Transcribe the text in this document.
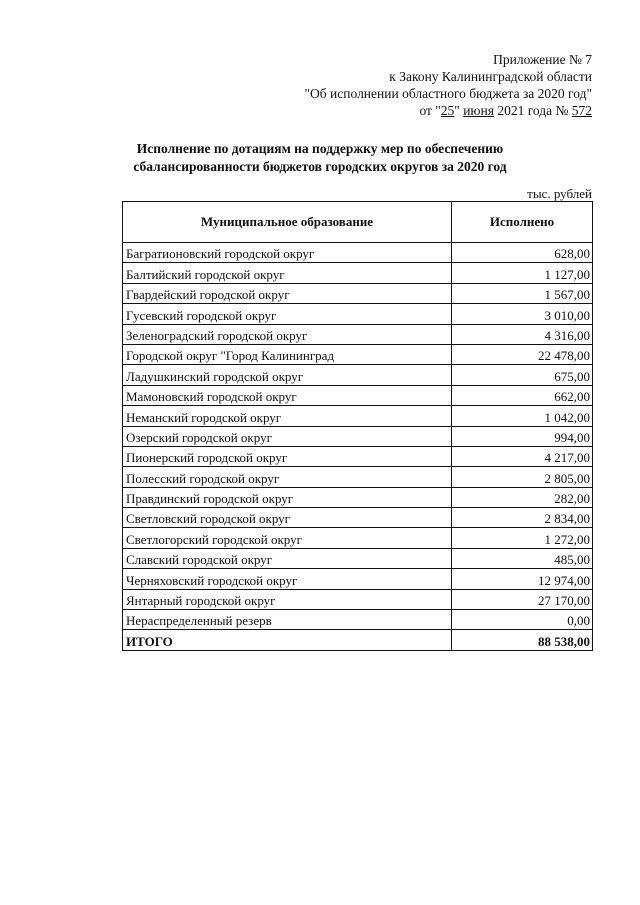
Приложение № 7
к Закону Калининградской области
"Об исполнении областного бюджета за 2020 год"
от "25" июня 2021 года № 572
Исполнение по дотациям на поддержку мер по обеспечению
сбалансированности бюджетов городских округов за 2020 год
тыс. рублей
Муниципальное образование	Исполнено
Багратионовский городской округ	628,00
Балтийский городской округ	1 127,00
Гвардейский городской округ	1 567,00
Гусевский городской округ	3 010,00
Зеленоградский городской округ	4 316,00
Городской округ "Город Калининград	22 478,00
Ладушкинский городской округ	675,00
Мамоновский городской округ	662,00
Неманский городской округ	1 042,00
Озерский городской округ	994,00
Пионерский городской округ	4 217,00
Полесский городской округ	2 805,00
Правдинский городской округ	282,00
Светловский городской округ	2 834,00
Светлогорский городской округ	1 272,00
Славский городской округ	485,00
Черняховский городской округ	12 974,00
Янтарный городской округ	27 170,00
Нераспределенный резерв	0,00
ИТОГО	88 538,00
